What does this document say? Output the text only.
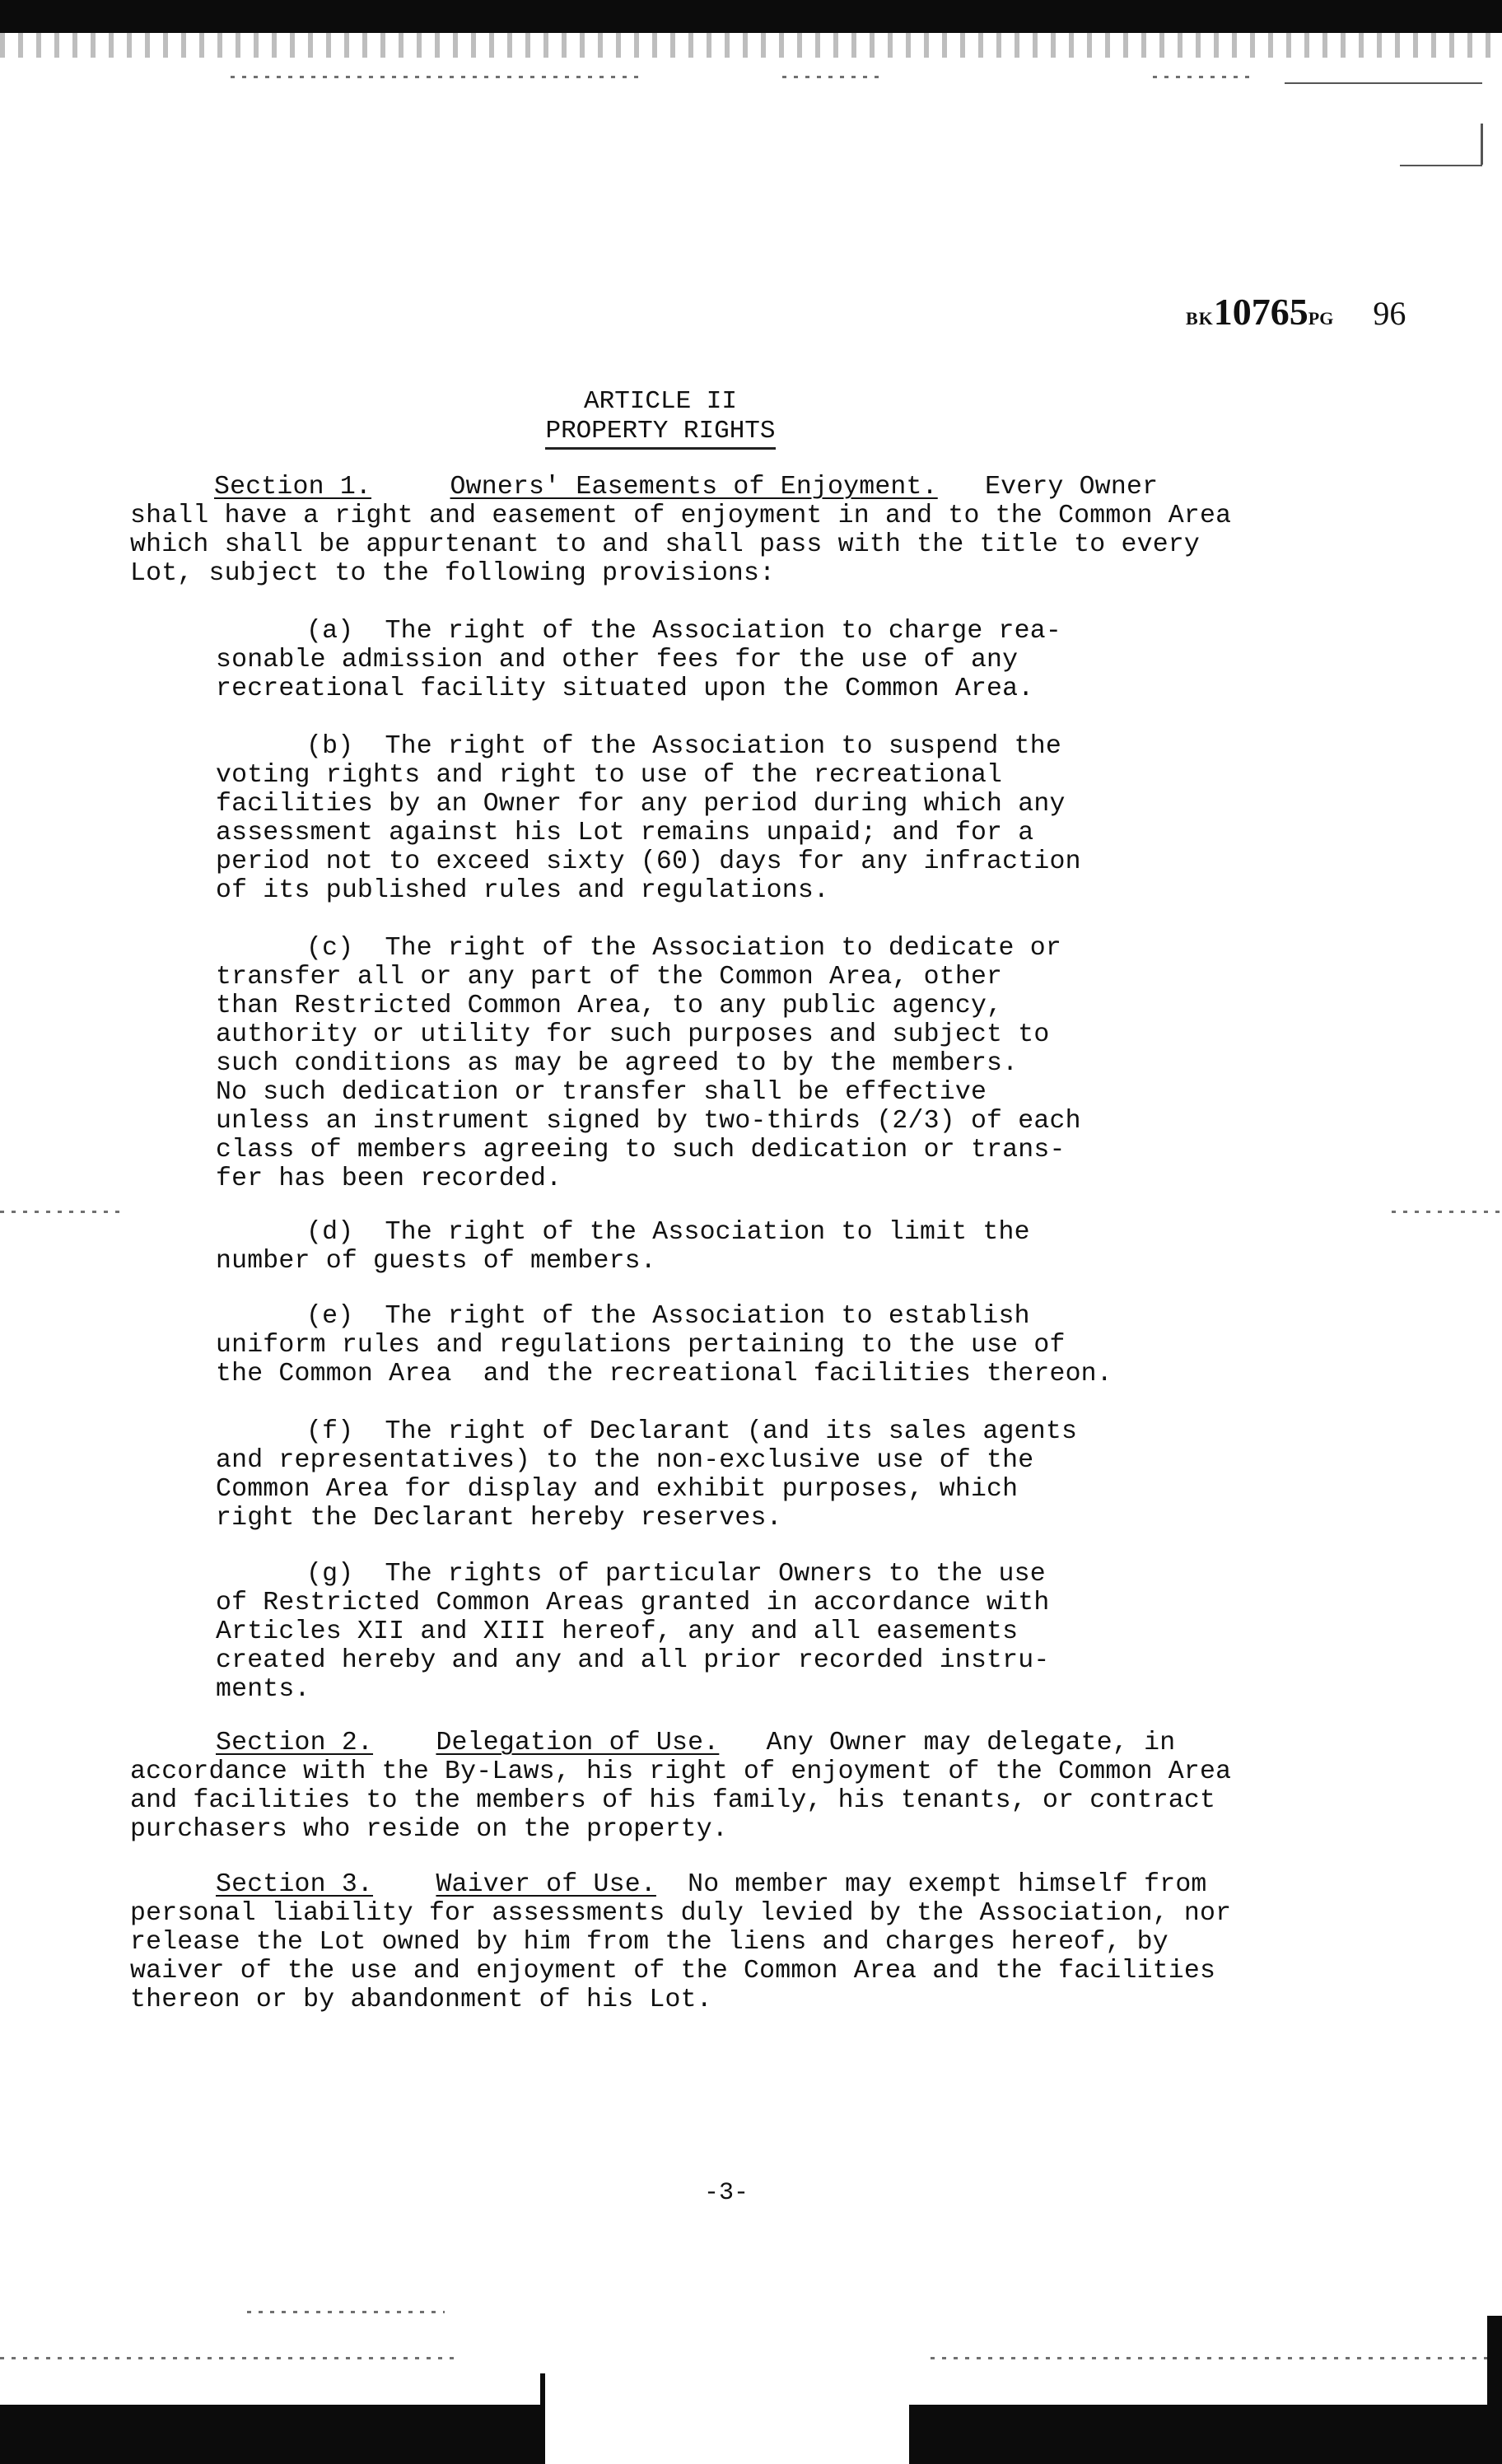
BK10765PG 96
ARTICLE II
PROPERTY RIGHTS
Section 1.	Owners' Easements of Enjoyment. Every Owner
shall have a right and easement of enjoyment in and to the Common Area
which shall be appurtenant to and shall pass with the title to every
Lot, subject to the following provisions:
(a)  The right of the Association to charge rea-
sonable admission and other fees for the use of any
recreational facility situated upon the Common Area.
(b)  The right of the Association to suspend the
voting rights and right to use of the recreational
facilities by an Owner for any period during which any
assessment against his Lot remains unpaid; and for a
period not to exceed sixty (60) days for any infraction
of its published rules and regulations.
(c)  The right of the Association to dedicate or
transfer all or any part of the Common Area, other
than Restricted Common Area, to any public agency,
authority or utility for such purposes and subject to
such conditions as may be agreed to by the members.
No such dedication or transfer shall be effective
unless an instrument signed by two-thirds (2/3) of each
class of members agreeing to such dedication or trans-
fer has been recorded.
(d)  The right of the Association to limit the
number of guests of members.
(e)  The right of the Association to establish
uniform rules and regulations pertaining to the use of
the Common Area  and the recreational facilities thereon.
(f)  The right of Declarant (and its sales agents
and representatives) to the non-exclusive use of the
Common Area for display and exhibit purposes, which
right the Declarant hereby reserves.
(g)  The rights of particular Owners to the use
of Restricted Common Areas granted in accordance with
Articles XII and XIII hereof, any and all easements
created hereby and any and all prior recorded instru-
ments.
Section 2. Delegation of Use. Any Owner may delegate, in
accordance with the By-Laws, his right of enjoyment of the Common Area
and facilities to the members of his family, his tenants, or contract
purchasers who reside on the property.
Section 3. Waiver of Use. No member may exempt himself from
personal liability for assessments duly levied by the Association, nor
release the Lot owned by him from the liens and charges hereof, by
waiver of the use and enjoyment of the Common Area and the facilities
thereon or by abandonment of his Lot.
-3-
